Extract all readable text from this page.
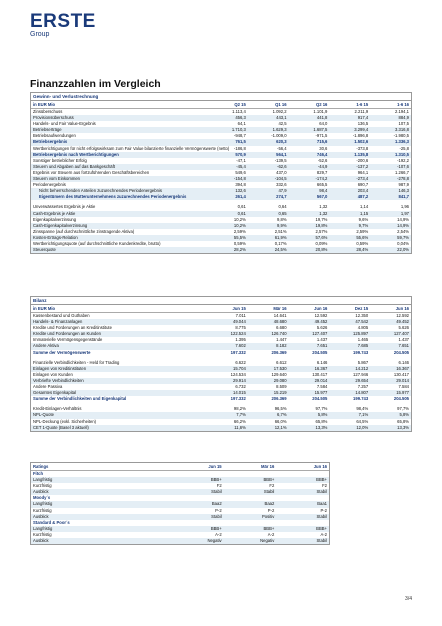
ERSTE
Group
Finanzzahlen im Vergleich
Gewinn- und Verlustrechnung
in EUR Mio	Q2 15	Q1 16	Q2 16	1-6 15	1-6 16
Zinsüberschuss	1.113,4	1.092,2	1.101,9	2.211,9	2.194,1
Provisionsüberschuss	456,3	443,1	441,8	917,4	884,9
Handels- und Fair Value-Ergebnis	64,1	42,5	64,0	136,5	107,5
Betriebserträge	1.710,3	1.629,3	1.687,5	3.299,4	3.316,8
Betriebsaufwendungen	-948,7	-1.009,0	-971,5	-1.896,8	-1.980,5
Betriebsergebnis	761,5	620,3	715,6	1.502,6	1.336,3
Wertberichtigungen für nicht erfolgswirksam zum Fair Value bilanzierte finanzielle Vermögenswerte (netto)	-186,8	-56,4	30,6	-373,8	-25,8
Betriebsergebnis nach Wertberichtigungen	570,9	564,1	746,4	1.135,8	1.310,5
Sonstiger betrieblicher Erfolg	-47,1	-139,5	-52,6	-200,6	-192,2
Steuern und Abgaben auf das Bankgeschäft	-45,4	-62,6	-44,9	-137,2	-107,6
Ergebnis vor Steuern aus fortzuführenden Geschäftsbereichen	549,6	437,0	829,7	964,1	1.266,7
Steuern vom Einkommen	-154,8	-104,5	-174,2	-273,4	-278,8
Periodenergebnis	394,8	332,6	665,5	690,7	987,9
Nicht beherrschenden Anteilen zuzurechnendes Periodenergebnis	132,6	47,9	98,4	203,4	146,3
Eigentümern des Mutterunternehmens zuzurechnendes Periodenergebnis	261,4	274,7	567,0	487,2	841,7

Unverwässertes Ergebnis je Aktie	0,61	0,64	1,32	1,14	1,96
Cash-Ergebnis je Aktie	0,61	0,65	1,32	1,15	1,97
Eigenkapitalverzinsung	10,2%	9,8%	19,7%	9,6%	14,9%
Cash-Eigenkapitalverzinsung	10,2%	9,9%	19,8%	9,7%	14,9%
Zinsspanne (auf durchschnittliche zinstragende Aktiva)	2,59%	2,51%	2,57%	2,59%	2,54%
Kosten-Ertrags-Relation	55,5%	61,9%	57,6%	55,6%	59,7%
Wertberichtigungsquote (auf durchschnittliche Kundenkredite, brutto)	0,59%	0,17%	0,09%	0,59%	0,04%
Steuerquote	28,2%	24,5%	20,8%	28,4%	22,0%
Bilanz
in EUR Mio	Jun 15	Mär 16	Jun 16	Dez 15	Jun 16
Kassenbestand und Guthaben	7.011	14.641	12.592	12.350	12.592
Handels- & Finanzanlagen	49.044	48.680	49.452	47.542	49.452
Kredite und Forderungen an Kreditinstitute	8.775	6.680	5.626	4.805	5.626
Kredite und Forderungen an Kunden	122.524	126.740	127.407	125.897	127.407
Immaterielle Vermögensgegenstände	1.395	1.447	1.437	1.465	1.437
Andere Aktiva	7.602	8.182	7.651	7.685	7.651
Summe der Vermögenswerte	197.332	206.369	204.505	199.743	204.505

Finanzielle Verbindlichkeiten - Held for Trading	6.622	6.612	6.146	5.867	6.146
Einlagen von Kreditinstituten	15.704	17.530	16.367	14.212	16.367
Einlagen von Kunden	124.534	129.640	130.417	127.946	130.417
Verbriefte Verbindlichkeiten	29.914	29.080	29.014	29.654	29.014
Andere Passiva	6.732	8.509	7.584	7.257	7.584
Gesamtes Eigenkapital	14.015	15.219	15.977	14.807	15.977
Summe der Verbindlichkeiten und Eigenkapital	197.332	206.369	204.505	199.743	204.505

Kredit-Einlagen-Verhältnis	98,2%	96,5%	97,7%	98,4%	97,7%
NPL-Quote	7,7%	6,7%	5,8%	7,1%	5,8%
NPL-Deckung (exkl. Sicherheiten)	66,2%	66,0%	65,8%	64,5%	65,8%
CET 1-Quote (Basel 3 aktuell)	11,6%	12,1%	13,3%	12,0%	13,3%
Ratings	Jun 15	Mär 16	Jun 16
Fitch			
Langfristig	BBB+	BBB+	BBB+
Kurzfristig	F2	F2	F2
Ausblick	Stabil	Stabil	Stabil
Moody´s			
Langfristig	Baa2	Baa2	Baa1
Kurzfristig	P-2	P-2	P-2
Ausblick	Stabil	Positiv	Stabil
Standard & Poor´s			
Langfristig	BBB+	BBB+	BBB+
Kurzfristig	A-2	A-2	A-2
Ausblick	Negativ	Negativ	Stabil
3/4
